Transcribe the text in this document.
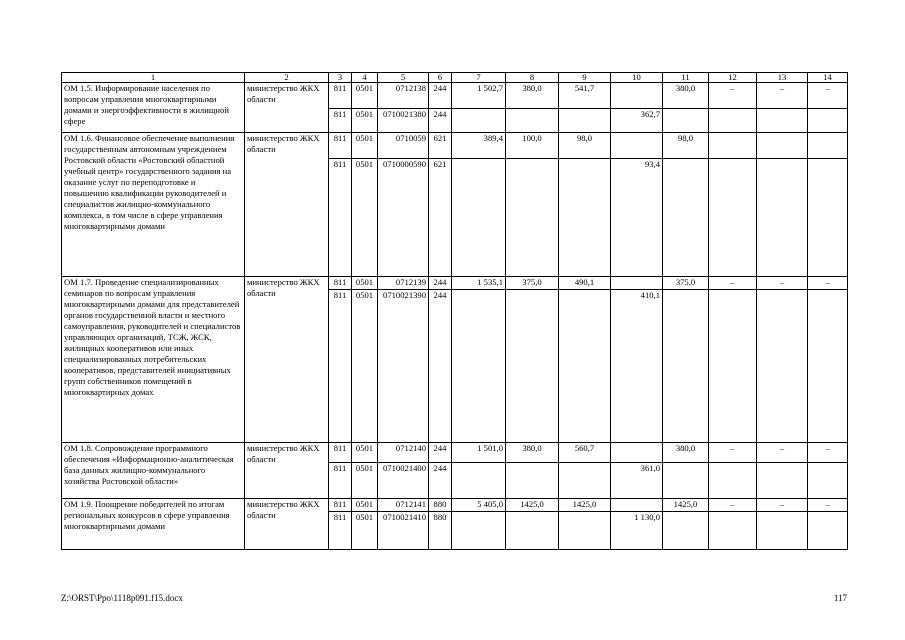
1	2	3	4	5	6	7	8	9	10	11	12	13	14
ОМ 1.5. Информирование населения по вопросам управления многоквартирными домами и энергоэффективности в жилищной сфере	министерство ЖКХ области	811	0501	0712138	244	1 502,7	380,0	541,7		380,0	–	–	–
		811	0501	0710021380	244				362,7				
ОМ 1.6. Финансовое обеспечение выполнения государственным автономным учреждением Ростовской области «Ростовский областной учебный центр» государственного задания на оказание услуг по переподготовке и повышению квалификации руководителей и специалистов жилищно-коммунального комплекса, в том числе в сфере управления многоквартирными домами	министерство ЖКХ области	811	0501	0710059	621	389,4	100,0	98,0		98,0			
		811	0501	0710000590	621				93,4				
ОМ 1.7. Проведение специализированных семинаров по вопросам управления многоквартирными домами для представителей органов государственной власти и местного самоуправления, руководителей и специалистов управляющих организаций, ТСЖ, ЖСК, жилищных кооперативов или иных специализированных потребительских кооперативов, представителей инициативных групп собственников помещений в многоквартирных домах	министерство ЖКХ области	811	0501	0712139	244	1 535,1	375,0	490,1		375,0	–	–	–
		811	0501	0710021390	244				410,1				
ОМ 1.8. Сопровождение программного обеспечения «Информационно-аналитическая база данных жилищно-коммунального хозяйства Ростовской области»	министерство ЖКХ области	811	0501	0712140	244	1 501,0	380,0	560,7		380,0	–	–	–
		811	0501	0710021400	244				361,0				
ОМ 1.9. Поощрение победителей по итогам региональных конкурсов в сфере управления многоквартирными домами	министерство ЖКХ области	811	0501	0712141	880	5 405,0	1425,0	1425,0		1425,0	–	–	–
		811	0501	0710021410	880				1 130,0				
Z:\ORST\Ppo\1118p091.f15.docx	117
